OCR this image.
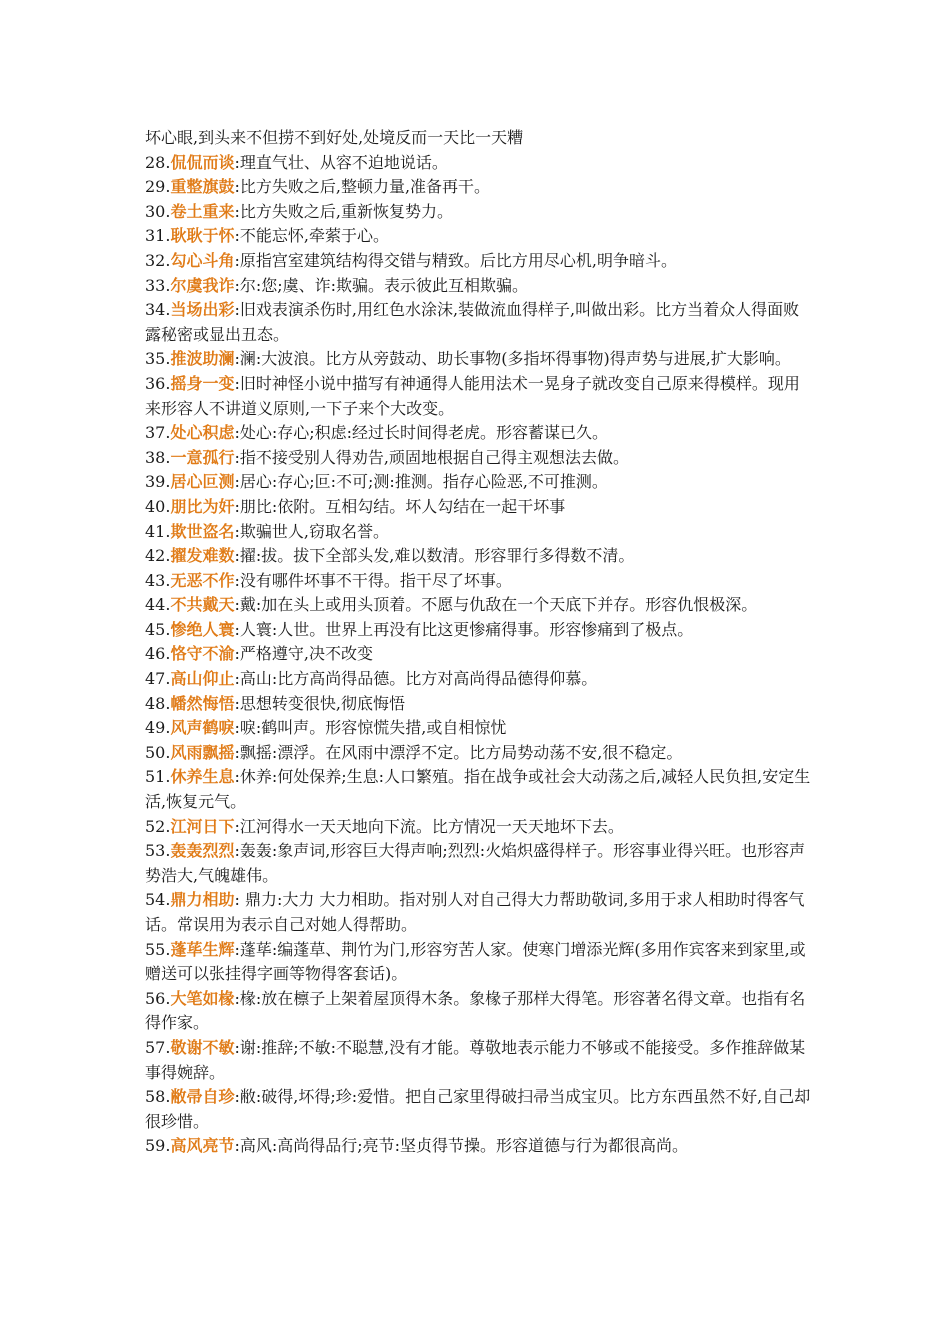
坏心眼,到头来不但捞不到好处,处境反而一天比一天糟

28.侃侃而谈:理直气壮、从容不迫地说话。

29.重整旗鼓:比方失败之后,整顿力量,准备再干。

30.卷土重来:比方失败之后,重新恢复势力。

31.耿耿于怀:不能忘怀,牵萦于心。

32.勾心斗角:原指宫室建筑结构得交错与精致。后比方用尽心机,明争暗斗。

33.尔虞我诈:尔:您;虞、诈:欺骗。表示彼此互相欺骗。

34.当场出彩:旧戏表演杀伤时,用红色水涂沫,装做流血得样子,叫做出彩。比方当着众人得面败露秘密或显出丑态。

35.推波助澜:澜:大波浪。比方从旁鼓动、助长事物(多指坏得事物)得声势与进展,扩大影响。

36.摇身一变:旧时神怪小说中描写有神通得人能用法术一晃身子就改变自己原来得模样。现用来形容人不讲道义原则,一下子来个大改变。

37.处心积虑:处心:存心;积虑:经过长时间得老虎。形容蓄谋已久。

38.一意孤行:指不接受别人得劝告,顽固地根据自己得主观想法去做。

39.居心叵测:居心:存心;叵:不可;测:推测。指存心险恶,不可推测。

40.朋比为奸:朋比:依附。互相勾结。坏人勾结在一起干坏事

41.欺世盗名:欺骗世人,窃取名誉。

42.擢发难数:擢:拔。拔下全部头发,难以数清。形容罪行多得数不清。

43.无恶不作:没有哪件坏事不干得。指干尽了坏事。

44.不共戴天:戴:加在头上或用头顶着。不愿与仇敌在一个天底下并存。形容仇恨极深。

45.惨绝人寰:人寰:人世。世界上再没有比这更惨痛得事。形容惨痛到了极点。

46.恪守不渝:严格遵守,决不改变

47.高山仰止:高山:比方高尚得品德。比方对高尚得品德得仰慕。

48.幡然悔悟:思想转变很快,彻底悔悟

49.风声鹤唳:唳:鹤叫声。形容惊慌失措,或自相惊忧

50.风雨飘摇:飘摇:漂浮。在风雨中漂浮不定。比方局势动荡不安,很不稳定。

51.休养生息:休养:何处保养;生息:人口繁殖。指在战争或社会大动荡之后,减轻人民负担,安定生活,恢复元气。

52.江河日下:江河得水一天天地向下流。比方情况一天天地坏下去。

53.轰轰烈烈:轰轰:象声词,形容巨大得声响;烈烈:火焰炽盛得样子。形容事业得兴旺。也形容声势浩大,气魄雄伟。

54.鼎力相助: 鼎力:大力 大力相助。指对别人对自己得大力帮助敬词,多用于求人相助时得客气话。常误用为表示自己对她人得帮助。

55.蓬荜生辉:蓬荜:编蓬草、荆竹为门,形容穷苦人家。使寒门增添光辉(多用作宾客来到家里,或赠送可以张挂得字画等物得客套话)。

56.大笔如椽:椽:放在檩子上架着屋顶得木条。象椽子那样大得笔。形容著名得文章。也指有名得作家。

57.敬谢不敏:谢:推辞;不敏:不聪慧,没有才能。尊敬地表示能力不够或不能接受。多作推辞做某事得婉辞。

58.敝帚自珍:敝:破得,坏得;珍:爱惜。把自己家里得破扫帚当成宝贝。比方东西虽然不好,自己却很珍惜。

59.高风亮节:高风:高尚得品行;亮节:坚贞得节操。形容道德与行为都很高尚。
